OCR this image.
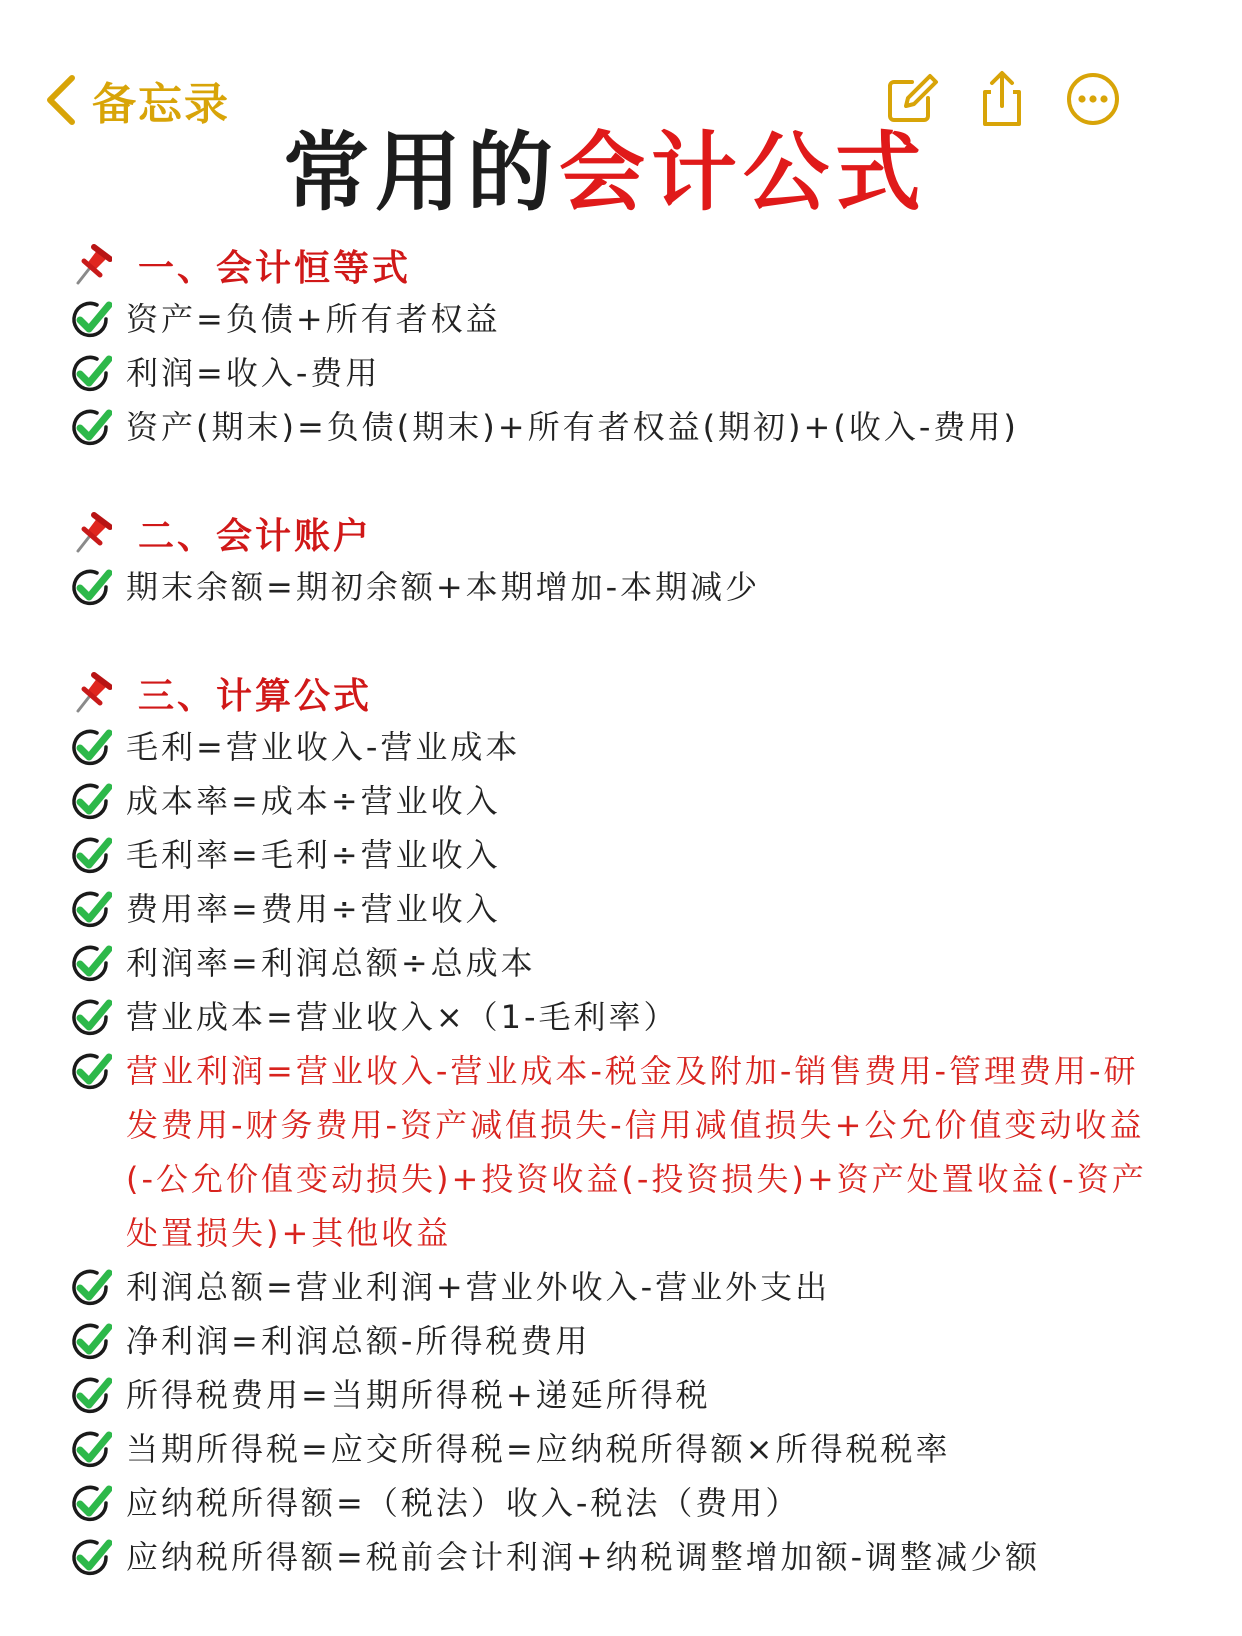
备忘录
常用的会计公式
一、会计恒等式
资产=负债+所有者权益
利润=收入-费用
资产(期末)=负债(期末)+所有者权益(期初)+(收入-费用)
二、会计账户
期末余额=期初余额+本期增加-本期减少
三、计算公式
毛利=营业收入-营业成本
成本率=成本÷营业收入
毛利率=毛利÷营业收入
费用率=费用÷营业收入
利润率=利润总额÷总成本
营业成本=营业收入×（1-毛利率）
营业利润=营业收入-营业成本-税金及附加-销售费用-管理费用-研发费用-财务费用-资产减值损失-信用减值损失+公允价值变动收益(-公允价值变动损失)+投资收益(-投资损失)+资产处置收益(-资产处置损失)+其他收益
利润总额=营业利润+营业外收入-营业外支出
净利润=利润总额-所得税费用
所得税费用=当期所得税+递延所得税
当期所得税=应交所得税=应纳税所得额×所得税税率
应纳税所得额=（税法）收入-税法（费用）
应纳税所得额=税前会计利润+纳税调整增加额-调整减少额
